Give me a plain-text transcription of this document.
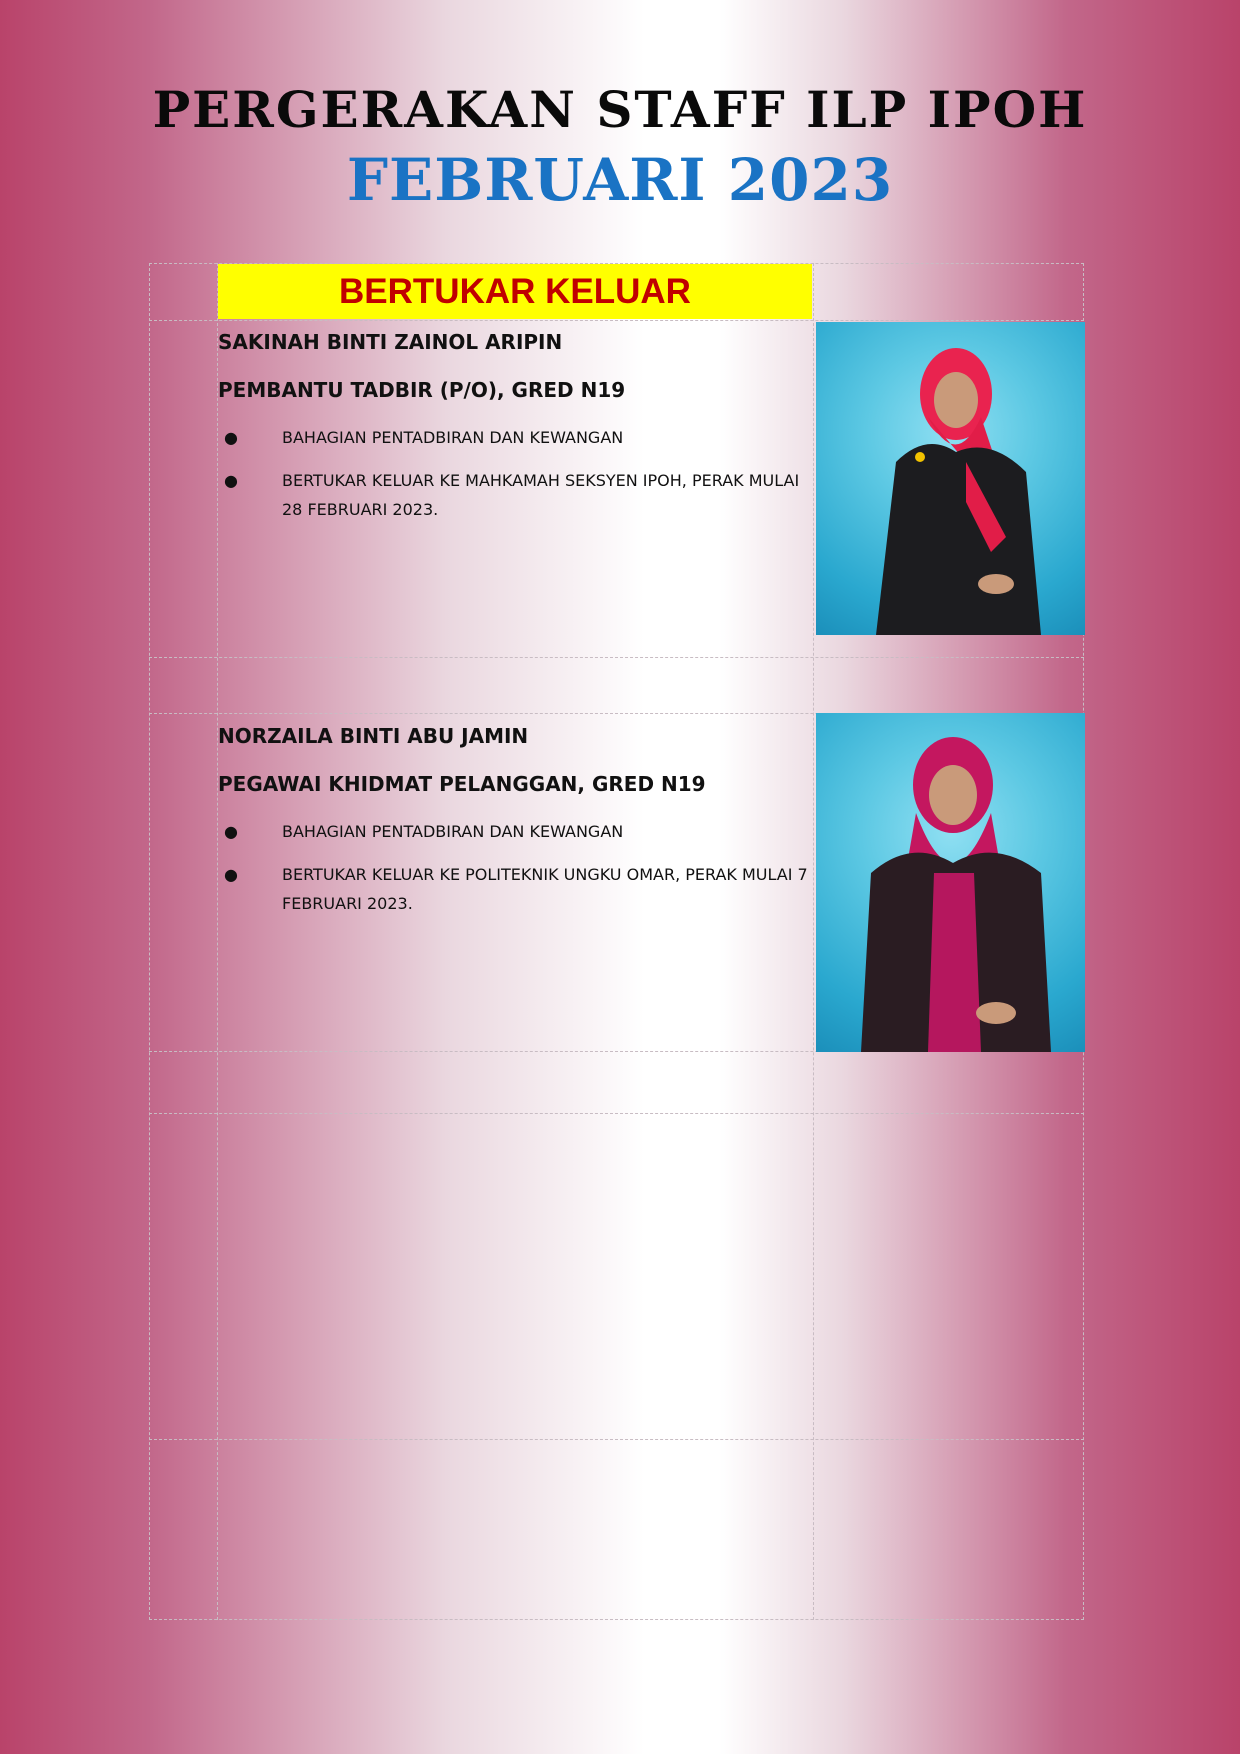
PERGERAKAN STAFF ILP IPOH
FEBRUARI 2023
BERTUKAR KELUAR

SAKINAH BINTI ZAINOL ARIPIN

PEMBANTU TADBIR (P/O), GRED N19

●	BAHAGIAN PENTADBIRAN DAN KEWANGAN
●	BERTUKAR KELUAR KE MAHKAMAH SEKSYEN IPOH, PERAK MULAI 28 FEBRUARI 2023.

NORZAILA BINTI ABU JAMIN

PEGAWAI KHIDMAT PELANGGAN, GRED N19

●	BAHAGIAN PENTADBIRAN DAN KEWANGAN
●	BERTUKAR KELUAR KE POLITEKNIK UNGKU OMAR, PERAK MULAI 7 FEBRUARI 2023.
